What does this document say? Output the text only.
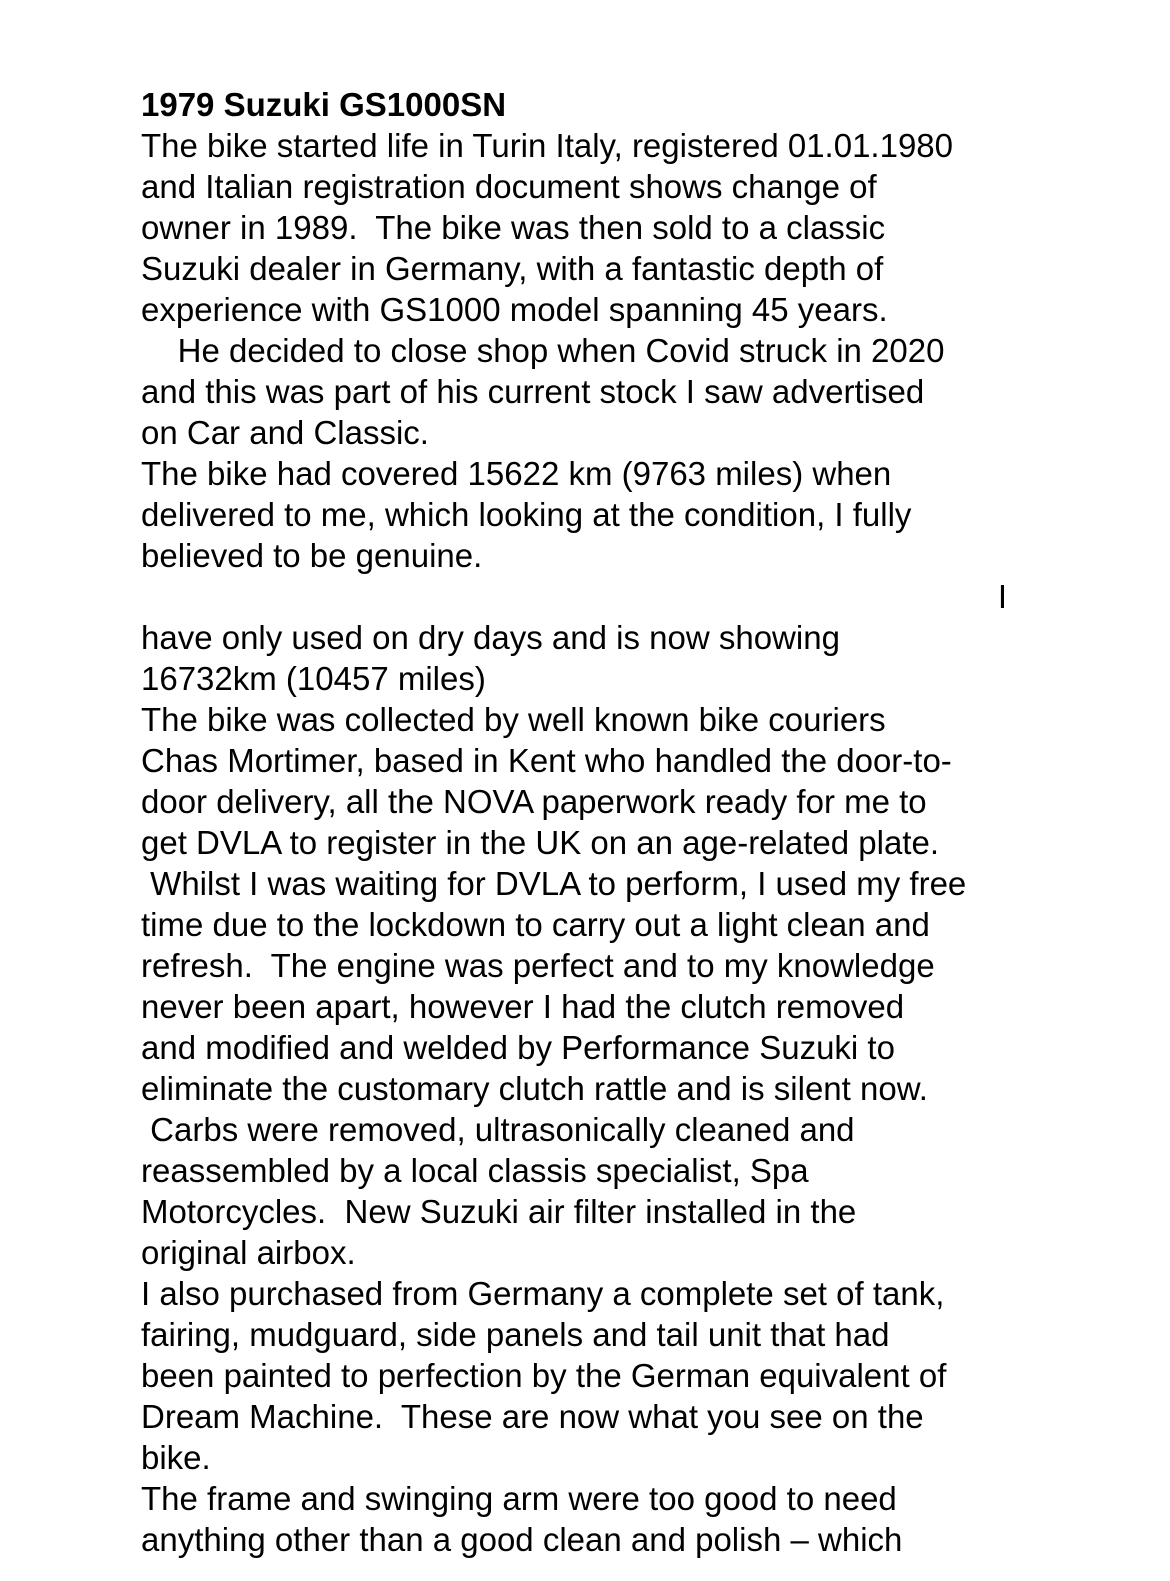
1979 Suzuki GS1000SN
The bike started life in Turin Italy, registered 01.01.1980
and Italian registration document shows change of
owner in 1989.  The bike was then sold to a classic
Suzuki dealer in Germany, with a fantastic depth of
experience with GS1000 model spanning 45 years.
He decided to close shop when Covid struck in 2020
and this was part of his current stock I saw advertised
on Car and Classic.
The bike had covered 15622 km (9763 miles) when
delivered to me, which looking at the condition, I fully
believed to be genuine.
I
have only used on dry days and is now showing
16732km (10457 miles)
The bike was collected by well known bike couriers
Chas Mortimer, based in Kent who handled the door-to-
door delivery, all the NOVA paperwork ready for me to
get DVLA to register in the UK on an age-related plate.
Whilst I was waiting for DVLA to perform, I used my free
time due to the lockdown to carry out a light clean and
refresh.  The engine was perfect and to my knowledge
never been apart, however I had the clutch removed
and modified and welded by Performance Suzuki to
eliminate the customary clutch rattle and is silent now.
Carbs were removed, ultrasonically cleaned and
reassembled by a local classis specialist, Spa
Motorcycles.  New Suzuki air filter installed in the
original airbox.
I also purchased from Germany a complete set of tank,
fairing, mudguard, side panels and tail unit that had
been painted to perfection by the German equivalent of
Dream Machine.  These are now what you see on the
bike.
The frame and swinging arm were too good to need
anything other than a good clean and polish – which
